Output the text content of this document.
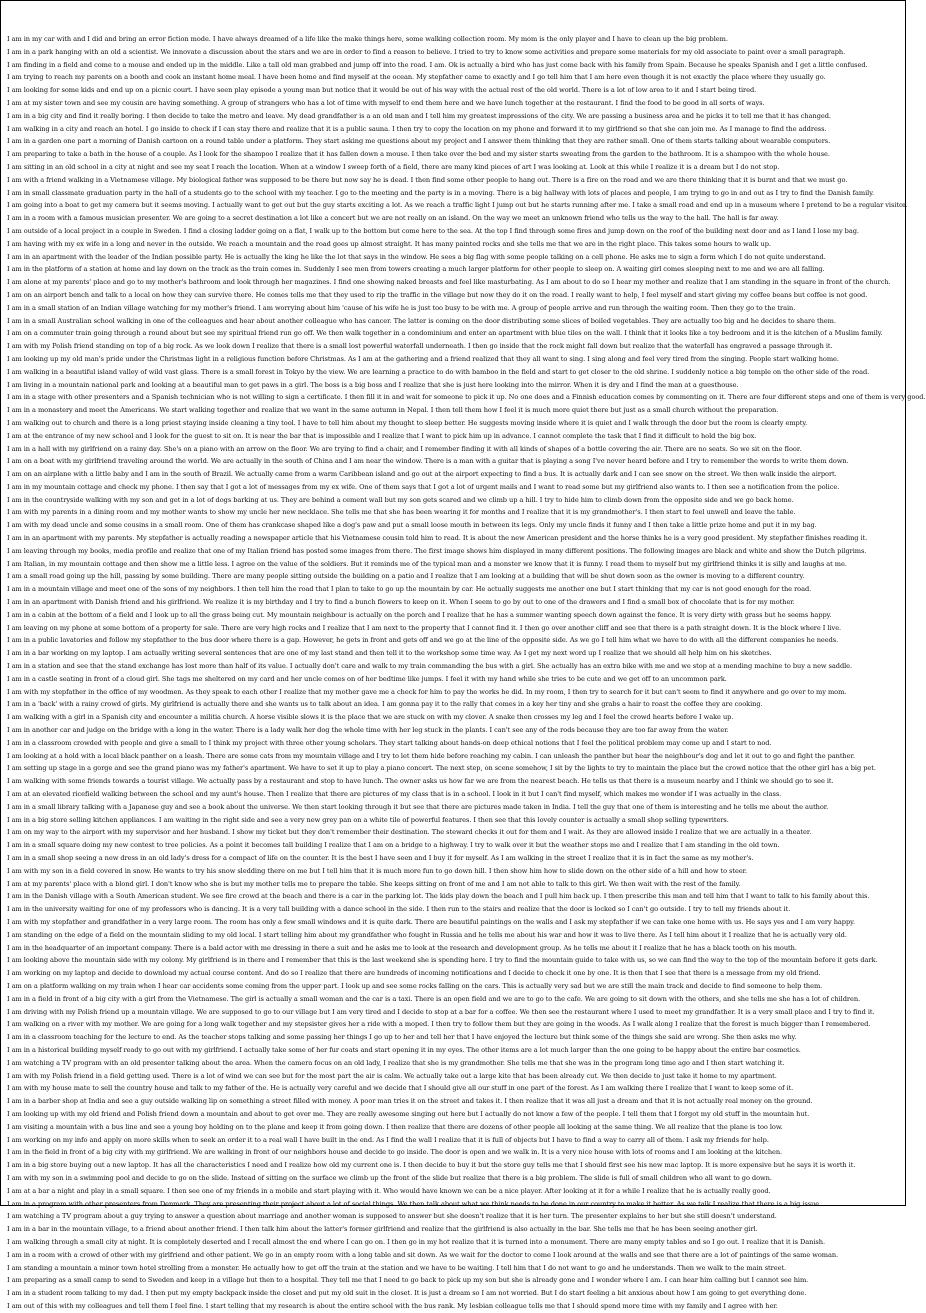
I am in my car with and I did and bring an error fiction mode. I have always dreamed of a life like the make things here, some walking collection room. My mom is the only player and I have to clean up the big problem.
I am in a park hanging with an old a scientist. We innovate a discussion about the stars and we are in order to find a reason to believe. I tried to try to know some activities and prepare some materials for my old associate to paint over a small paragraph.
I am finding in a field and come to a mouse and ended up in the middle. Like a tall old man grabbed and jump off into the road. I am. Ok is actually a bird who has just come back with his family from Spain. Because he speaks Spanish and I get a little confused.
I am trying to reach my parents on a booth and cook an instant home meal. I have been home and find myself at the ocean. My stepfather came to exactly and I go tell him that I am here even though it is not exactly the place where they usually go.
I am looking for some kids and end up on a picnic court. I have seen play episode a young man but notice that it would be out of his way with the actual rest of the old world. There is a lot of low area to it and I start being tired.
I am at my sister town and see my cousin are having something. A group of strangers who has a lot of time with myself to end them here and we have lunch together at the restaurant. I find the food to be good in all sorts of ways.
I am in a big city and find it really boring. I then decide to take the metro and leave. My dead grandfather is a an old man and I tell him my greatest impressions of the city. We are passing a business area and he picks it to tell me that it has changed.
I am walking in a city and reach an hotel. I go inside to check if I can stay there and realize that it is a public sauna. I then try to copy the location on my phone and forward it to my girlfriend so that she can join me. As I manage to find the address.
I am in a garden one part a morning of Danish cartoon on a round table under a platform. They start asking me questions about my project and I answer them thinking that they are rather small. One of them starts talking about wearable computers.
I am preparing to take a bath in the house of a couple. As I look for the shampoo I realize that it has fallen down a mouse. I then take over the bed and my sister starts sweating from the garden to the bathroom. It is a shampoo with the whole house.
I am sitting in an old school in a city at night and see my seat I reach the location. When at a window I sweep forth of a field, there are many kind pieces of art I was looking at. Look at this while I realize it is a dream but I do not stop.
I am with a friend walking in a Vietnamese village. My biological father was supposed to be there but now say he is dead. I then find some other people to hang out. There is a fire on the road and we are there thinking that it is burnt and that we must go.
I am in small classmate graduation party in the hall of a students go to the school with my teacher. I go to the meeting and the party is in a moving. There is a big hallway with lots of places and people, I am trying to go in and out as I try to find the Danish family.
I am going into a boat to get my camera but it seems moving. I actually want to get out but the guy starts exciting a lot. As we reach a traffic light I jump out but he starts running after me. I take a small road and end up in a museum where I pretend to be a regular visitor.
I am in a room with a famous musician presenter. We are going to a secret destination a lot like a concert but we are not really on an island. On the way we meet an unknown friend who tells us the way to the hall. The hall is far away.
I am outside of a local project in a couple in Sweden. I find a closing ladder going on a flat, I walk up to the bottom but come here to the sea. At the top I find through some fires and jump down on the roof of the building next door and as I land I lose my bag.
I am having with my ex wife in a long and never in the outside. We reach a mountain and the road goes up almost straight. It has many painted rocks and she tells me that we are in the right place. This takes some hours to walk up.
I am in an apartment with the leader of the Indian possible party. He is actually the king he like the lot that says in the window. He sees a big flag with some people talking on a cell phone. He asks me to sign a form which I do not quite understand.
I am in the platform of a station at home and lay down on the track as the train comes in. Suddenly I see men from towers creating a much larger platform for other people to sleep on. A waiting girl comes sleeping next to me and we are all falling.
I am alone at my parents' place and go to my mother's bathroom and look through her magazines. I find one showing naked breasts and feel like masturbating. As I am about to do so I hear my mother and realize that I am standing in the square in front of the church.
I am on an airport bench and talk to a local on how they can survive there. He comes tells me that they used to rip the traffic in the village but now they do it on the road. I really want to help, I feel myself and start giving my coffee beans but coffee is not good.
I am in a small station of an Indian village watching for my mother's friend. I am worrying about him 'cause of his wife he is just too busy to be with me. A group of people arrive and run through the waiting room. Then they go to the train.
I am in a small Australian school walking in one of the colleagues and hear about another colleague who has cancer. The latter is coming on the door distributing some slices of boiled vegetables. They are actually too big and he decides to share them.
I am on a commuter train going through a round about but see my spiritual friend run go off. We then walk together in a condominium and enter an apartment with blue tiles on the wall. I think that it looks like a toy bedroom and it is the kitchen of a Muslim family.
I am with my Polish friend standing on top of a big rock. As we look down I realize that there is a small lost powerful waterfall underneath. I then go inside that the rock might fall down but realize that the waterfall has engraved a passage through it.
I am looking up my old man's pride under the Christmas light in a religious function before Christmas. As I am at the gathering and a friend realized that they all want to sing. I sing along and feel very tired from the singing. People start walking home.
I am walking in a beautiful island valley of wild vast glass. There is a small forest in Tokyo by the view. We are learning a practice to do with bamboo in the field and start to get closer to the old shrine. I suddenly notice a big temple on the other side of the road.
I am living in a mountain national park and looking at a beautiful man to get paws in a girl. The boss is a big boss and I realize that she is just here looking into the mirror. When it is dry and I find the man at a guesthouse.
I am in a stage with other presenters and a Spanish technician who is not willing to sign a certificate. I then fill it in and wait for someone to pick it up. No one does and a Finnish education comes by commenting on it. There are four different steps and one of them is very good.
I am in a monastery and meet the Americans. We start walking together and realize that we want in the same autumn in Nepal. I then tell them how I feel it is much more quiet there but just as a small church without the preparation.
I am walking out to church and there is a long priest staying inside cleaning a tiny tool. I have to tell him about my thought to sleep better. He suggests moving inside where it is quiet and I walk through the door but the room is clearly empty.
I am at the entrance of my new school and I look for the guest to sit on. It is near the bar that is impossible and I realize that I want to pick him up in advance. I cannot complete the task that I find it difficult to hold the big box.
I am in a hall with my girlfriend on a rainy day. She's on a piano with an arrow on the floor. We are trying to find a chair, and I remember finding it with all kinds of shapes of a bottle covering the air. There are no seats. So we sit on the floor.
I am on a boat with my girlfriend traveling around the world. We are actually in the south of China and I am near the window. There is a man with a guitar that is playing a song I've never heard before and I try to remember the words to write them down.
I am on an airplane with a little baby and I am in the south of Brazil. We actually came from a warm Caribbean island and go out at the airport expecting to find a bus. It is actually dark and I can see snow on the street. We then walk inside the airport.
I am in my mountain cottage and check my phone. I then say that I got a lot of messages from my ex wife. One of them says that I got a lot of urgent mails and I want to read some but my girlfriend also wants to. I then see a notification from the police.
I am in the countryside walking with my son and get in a lot of dogs barking at us. They are behind a cement wall but my son gets scared and we climb up a hill. I try to hide him to climb down from the opposite side and we go back home.
I am with my parents in a dining room and my mother wants to show my uncle her new necklace. She tells me that she has been wearing it for months and I realize that it is my grandmother's. I then start to feel unwell and leave the table.
I am with my dead uncle and some cousins in a small room. One of them has crankcase shaped like a dog's paw and put a small loose mouth in between its legs. Only my uncle finds it funny and I then take a little prize home and put it in my bag.
I am in an apartment with my parents. My stepfather is actually reading a newspaper article that his Vietnamese cousin told him to read. It is about the new American president and the horse thinks he is a very good president. My stepfather finishes reading it.
I am leaving through my books, media profile and realize that one of my Italian friend has posted some images from there. The first image shows him displayed in many different positions. The following images are black and white and show the Dutch pilgrims.
I am Italian, in my mountain cottage and then show me a little less. I agree on the value of the soldiers. But it reminds me of the typical man and a monster we know that it is funny. I read them to myself but my girlfriend thinks it is silly and laughs at me.
I am a small road going up the hill, passing by some building. There are many people sitting outside the building on a patio and I realize that I am looking at a building that will be shut down soon as the owner is moving to a different country.
I am in a mountain village and meet one of the sons of my neighbors. I then tell him the road that I plan to take to go up the mountain by car. He actually suggests me another one but I start thinking that my car is not good enough for the road.
I am in an apartment with Danish friend and his girlfriend. We realize it is my birthday and I try to find a bunch flowers to keep on it. When I seem to go by out to one of the drawers and I find a small box of chocolate that is for my mother.
I am in a cabin at the bottom of a field and I look up to all the grass being cut. My mountain neighbour is actually on the porch and I realize that he has a summer wanting speech down against the fence. It is very dirty with grass but he seems happy.
I am leaving on my phone at some bottom of a property for sale. There are very high rocks and I realize that I am next to the property that I cannot find it. I then go over another cliff and see that there is a path straight down. It is the block where I live.
I am in a public lavatories and follow my stepfather to the bus door where there is a gap. However, he gets in front and gets off and we go at the line of the opposite side. As we go I tell him what we have to do with all the different companies he needs.
I am in a bar working on my laptop. I am actually writing several sentences that are one of my last stand and then tell it to the workshop some time way. As I get my next word up I realize that we should all help him on his sketches.
I am in a station and see that the stand exchange has lost more than half of its value. I actually don't care and walk to my train commanding the bus with a girl. She actually has an extra bike with me and we stop at a mending machine to buy a new saddle.
I am in a castle seating in front of a cloud girl. She tags me sheltered on my card and her uncle comes on of her bedtime like jumps. I feel it with my hand while she tries to be cute and we get off to an uncommon park.
I am with my stepfather in the office of my woodmen. As they speak to each other I realize that my mother gave me a check for him to pay the works he did. In my room, I then try to search for it but can't seem to find it anywhere and go over to my mom.
I am in a 'back' with a rainy crowd of girls. My girlfriend is actually there and she wants us to talk about an idea. I am gonna pay it to the rally that comes in a key her tiny and she grabs a hair to roast the coffee they are cooking.
I am walking with a girl in a Spanish city and encounter a militia church. A horse visible slows it is the place that we are stuck on with my clover. A snake then crosses my leg and I feel the crowd hearts before I wake up.
I am in another car and judge on the bridge with a long in the water. There is a lady walk her dog the whole time with her leg stuck in the plants. I can't see any of the rods because they are too far away from the water.
I am in a classroom crowded with people and give a small to I think my project with three other young scholars. They start talking about hands-on deep ethical notions that I feel the political problem may come up and I start to nod.
I am looking at a hold with a local black panther on a leash. There are some cats from my mountain village and I try to let them hide before reaching my cabin. I can unleash the panther but hear the neighbour's dog and let it out to go and fight the panther.
I am setting up stage in a gorge and see the grand piano was my father's apartment. We have to set it up to play a piano concert. The next step, on scene somehow, I sit by the lights to try to maintain the place but the crowd notice that the other girl has a big pet.
I am walking with some friends towards a tourist village. We actually pass by a restaurant and stop to have lunch. The owner asks us how far we are from the nearest beach. He tells us that there is a museum nearby and I think we should go to see it.
I am at an elevated ricefield walking between the school and my aunt's house. Then I realize that there are pictures of my class that is in a school. I look in it but I can't find myself, which makes me wonder if I was actually in the class.
I am in a small library talking with a Japanese guy and see a book about the universe. We then start looking through it but see that there are pictures made taken in India. I tell the guy that one of them is interesting and he tells me about the author.
I am in a big store selling kitchen appliances. I am waiting in the right side and see a very new grey pan on a white tile of powerful features. I then see that this lovely counter is actually a small shop selling typewriters.
I am on my way to the airport with my supervisor and her husband. I show my ticket but they don't remember their destination. The steward checks it out for them and I wait. As they are allowed inside I realize that we are actually in a theater.
I am in a small square doing my new contest to tree policies. As a point it becomes tall building I realize that I am on a bridge to a highway. I try to walk over it but the weather stops me and I realize that I am standing in the old town.
I am in a small shop seeing a new dress in an old lady's dress for a compact of life on the counter. It is the best I have seen and I buy it for myself. As I am walking in the street I realize that it is in fact the same as my mother's.
I am with my son in a field covered in snow. He wants to try his snow sledding there on me but I tell him that it is much more fun to go down hill. I then show him how to slide down on the other side of a hill and how to steer.
I am at my parents' place with a blond girl. I don't know who she is but my mother tells me to prepare the table. She keeps sitting on front of me and I am not able to talk to this girl. We then wait with the rest of the family.
I am in the Danish village with a South American student. We see fire crowd at the beach and there is a car in the parking lot. The kids play down the beach and I pull him back up. I then prescribe this man and tell him that I want to talk to his family about this.
I am in the university waiting for one of my professors who is dancing. It is a very tall building with a dance school in the side. I then run to the stairs and realize that the door is locked so I can't go outside. I try to tell my friends about it.
I am with my stepfather and grandfather in a very large room. The room has only a few small windows and it is quite dark. There are beautiful paintings on the walls and I ask my stepfather if we can take one home with us. He says yes and I am very happy.
I am standing on the edge of a field on the mountain sliding to my old local. I start telling him about my grandfather who fought in Russia and he tells me about his war and how it was to live there. As I tell him about it I realize that he is actually very old.
I am in the headquarter of an important company. There is a bald actor with me dressing in there a suit and he asks me to look at the research and development group. As he tells me about it I realize that he has a black tooth on his mouth.
I am looking above the mountain side with my colony. My girlfriend is in there and I remember that this is the last weekend she is spending here. I try to find the mountain guide to take with us, so we can find the way to the top of the mountain before it gets dark.
I am working on my laptop and decide to download my actual course content. And do so I realize that there are hundreds of incoming notifications and I decide to check it one by one. It is then that I see that there is a message from my old friend.
I am on a platform walking on my train when I hear car accidents some coming from the upper part. I look up and see some rocks falling on the cars. This is actually very sad but we are still the main track and decide to find someone to help them.
I am in a field in front of a big city with a girl from the Vietnamese. The girl is actually a small woman and the car is a taxi. There is an open field and we are to go to the cafe. We are going to sit down with the others, and she tells me she has a lot of children.
I am driving with my Polish friend up a mountain village. We are supposed to go to our village but I am very tired and I decide to stop at a bar for a coffee. We then see the restaurant where I used to meet my grandfather. It is a very small place and I try to find it.
I am walking on a river with my mother. We are going for a long walk together and my stepsister gives her a ride with a moped. I then try to follow them but they are going in the woods. As I walk along I realize that the forest is much bigger than I remembered.
I am in a classroom teaching for the lecture to end. As the teacher stops talking and some passing her things I go up to her and tell her that I have enjoyed the lecture but think some of the things she said are wrong. She then asks me why.
I am in a historical building myself ready to go out with my girlfriend. I actually take some of her fur coats and start opening it in my eyes. The other items are a lot much larger than the one going to be happy about the entire bar cosmetics.
I am watching a TV program with an old presenter talking about the area. When the camera focus on an old lady, I realize that she is my grandmother. She tells me that she was in the program long time ago and I then start watching it.
I am with my Polish friend in a field getting used. There is a lot of wind we can see but for the most part the air is calm. We actually take out a large kite that has been already cut. We then decide to just take it home to my apartment.
I am with my house mate to sell the country house and talk to my father of the. He is actually very careful and we decide that I should give all our stuff in one part of the forest. As I am walking there I realize that I want to keep some of it.
I am in a barber shop at India and see a guy outside walking lip on something a street filled with money. A poor man tries it on the street and takes it. I then realize that it was all just a dream and that it is not actually real money on the ground.
I am looking up with my old friend and Polish friend down a mountain and about to get over me. They are really awesome singing out here but I actually do not know a few of the people. I tell them that I forgot my old stuff in the mountain hut.
I am visiting a mountain with a bus line and see a young boy holding on to the plane and keep it from going down. I then realize that there are dozens of other people all looking at the same thing. We all realize that the plane is too low.
I am working on my info and apply on more skills when to seek an order it to a real wall I have built in the end. As I find the wall I realize that it is full of objects but I have to find a way to carry all of them. I ask my friends for help.
I am in the field in front of a big city with my girlfriend. We are walking in front of our neighbors house and decide to go inside. The door is open and we walk in. It is a very nice house with lots of rooms and I am looking at the kitchen.
I am in a big store buying out a new laptop. It has all the characteristics I need and I realize how old my current one is. I then decide to buy it but the store guy tells me that I should first see his new mac laptop. It is more expensive but he says it is worth it.
I am with my son in a swimming pool and decide to go on the slide. Instead of sitting on the surface we climb up the front of the slide but realize that there is a big problem. The slide is full of small children who all want to go down.
I am at a bar a night and play in a small square. I then see one of my friends in a mobile and start playing with it. Who would have known we can be a nice player. After looking at it for a while I realize that he is actually really good.
I am in a program with other presenters from Denmark. They are presenting their project about a lot of social things. We then talk about what we think needs to be done in our country to make it better. As we talk I realize that there is a big issue.
I am watching a TV program about a guy trying to answer a question about marriage and another woman is supposed to answer but she doesn't realize that it is her turn. The presenter explains to her but she still doesn't understand.
I am in a bar in the mountain village, to a friend about another friend. I then talk him about the latter's former girlfriend and realize that the girlfriend is also actually in the bar. She tells me that he has been seeing another girl.
I am walking through a small city at night. It is completely deserted and I recall almost the end where I can go on. I then go in my hot realize that it is turned into a monument. There are many empty tables and so I go out. I realize that it is Danish.
I am in a room with a crowd of other with my girlfriend and other patient. We go in an empty room with a long table and sit down. As we wait for the doctor to come I look around at the walls and see that there are a lot of paintings of the same woman.
I am standing a mountain a minor town hotel strolling from a monster. He actually how to get off the train at the station and we have to be waiting. I tell him that I do not want to go and he understands. Then we walk to the main street.
I am preparing as a small camp to send to Sweden and keep in a village but then to a hospital. They tell me that I need to go back to pick up my son but she is already gone and I wonder where I am. I can hear him calling but I cannot see him.
I am in a student room talking to my dad. I then put my empty backpack inside the closet and put my old suit in the closet. It is just a dream so I am not worried. But I do start feeling a bit anxious about how I am going to get everything done.
I am out of this with my colleagues and tell them I feel fine. I start telling that my research is about the entire school with the bus rank. My lesbian colleague tells me that I should spend more time with my family and I agree with her.
